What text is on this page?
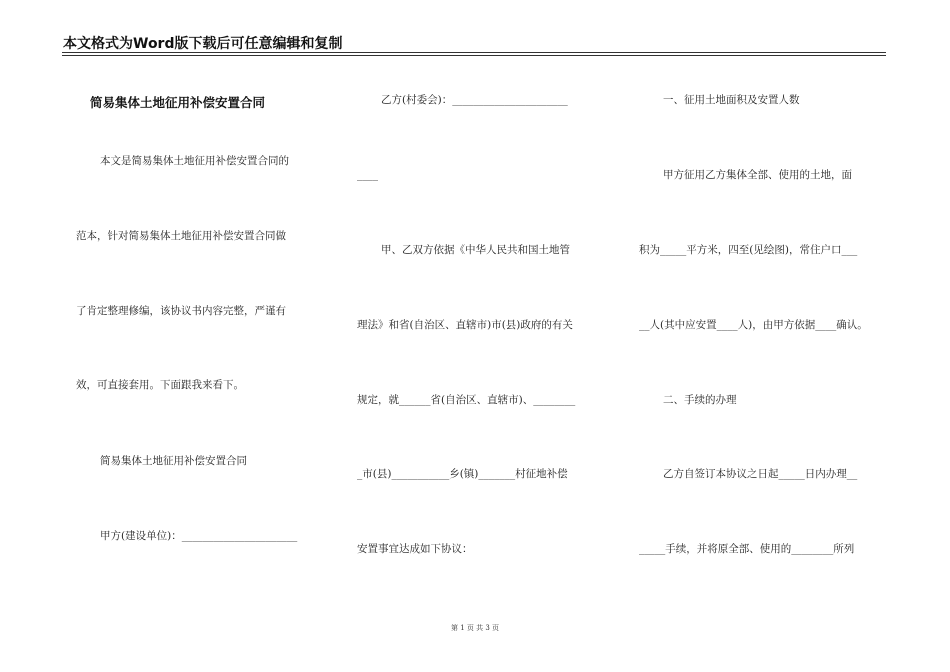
本文格式为Word版下载后可任意编辑和复制
简易集体土地征用补偿安置合同
本文是简易集体土地征用补偿安置合同的
范本，针对简易集体土地征用补偿安置合同做
了肯定整理修编，该协议书内容完整，严谨有
效，可直接套用。下面跟我来看下。
简易集体土地征用补偿安置合同
甲方(建设单位)：______________________
乙方(村委会)：______________________
____
甲、乙双方依据《中华人民共和国土地管
理法》和省(自治区、直辖市)市(县)政府的有关
规定，就______省(自治区、直辖市)、________
_市(县)___________乡(镇)_______村征地补偿
安置事宜达成如下协议：
一、征用土地面积及安置人数
甲方征用乙方集体全部、使用的土地，面
积为_____平方米，四至(见绘图)，常住户口___
__人(其中应安置____人)，由甲方依据____确认。
二、手续的办理
乙方自签订本协议之日起_____日内办理__
_____手续，并将原全部、使用的________所列
第 1 页 共 3 页
